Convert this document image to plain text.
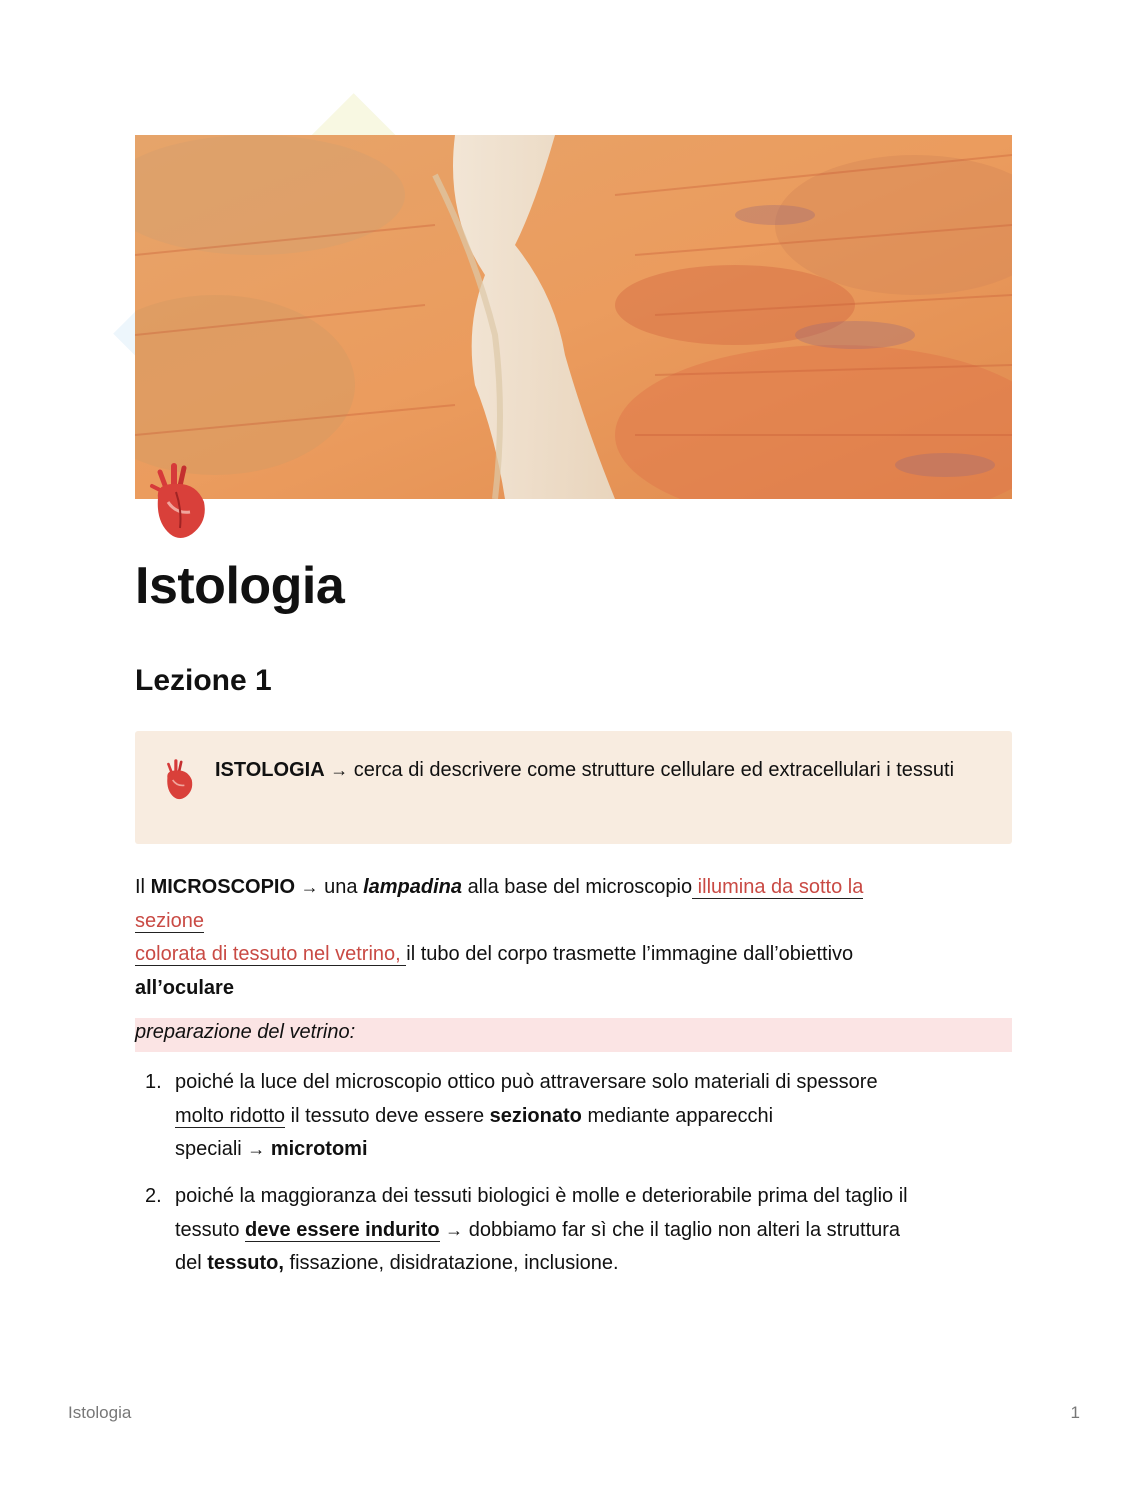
Istologia
Lezione 1
ISTOLOGIA → cerca di descrivere come strutture cellulare ed extracellulari i tessuti
Il MICROSCOPIO → una lampadina alla base del microscopio illumina da sotto la
sezione
colorata di tessuto nel vetrino, il tubo del corpo trasmette l’immagine dall’obiettivo
all’oculare
preparazione del vetrino:
1. poiché la luce del microscopio ottico può attraversare solo materiali di spessore
molto ridotto il tessuto deve essere sezionato mediante apparecchi
speciali → microtomi
2. poiché la maggioranza dei tessuti biologici è molle e deteriorabile prima del taglio il
tessuto deve essere indurito → dobbiamo far sì che il taglio non alteri la struttura
del tessuto, fissazione, disidratazione, inclusione.
Istologia	1
